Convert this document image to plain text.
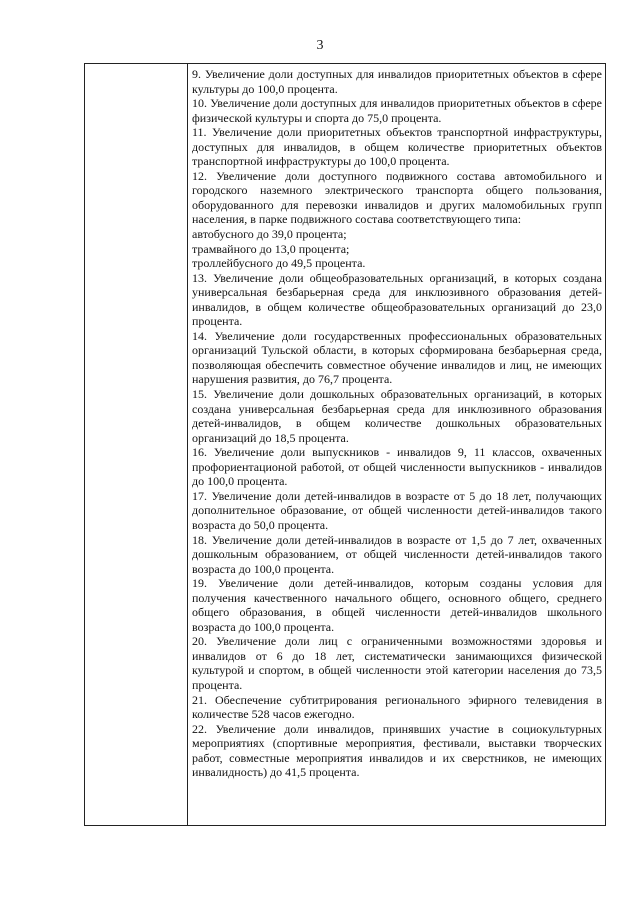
3

9. Увеличение доли доступных для инвалидов приоритетных объектов в сфере культуры до 100,0 процента.

10. Увеличение доли доступных для инвалидов приоритетных объектов в сфере физической культуры и спорта до 75,0 процента.

11. Увеличение доли приоритетных объектов транспортной инфраструктуры, доступных для инвалидов, в общем количестве приоритетных объектов транспортной инфраструктуры до 100,0 процента.

12. Увеличение доли доступного подвижного состава автомобильного и городского наземного электрического транспорта общего пользования, оборудованного для перевозки инвалидов и других маломобильных групп населения, в парке подвижного состава соответствующего типа:

автобусного до 39,0 процента;

трамвайного до 13,0 процента;

троллейбусного до 49,5 процента.

13. Увеличение доли общеобразовательных организаций, в которых создана универсальная безбарьерная среда для инклюзивного образования детей-инвалидов, в общем количестве общеобразовательных организаций до 23,0 процента.

14. Увеличение доли государственных профессиональных образовательных организаций Тульской области, в которых сформирована безбарьерная среда, позволяющая обеспечить совместное обучение инвалидов и лиц, не имеющих нарушения развития, до 76,7 процента.

15. Увеличение доли дошкольных образовательных организаций, в которых создана универсальная безбарьерная среда для инклюзивного образования детей-инвалидов, в общем количестве дошкольных образовательных организаций до 18,5 процента.

16. Увеличение доли выпускников - инвалидов 9, 11 классов, охваченных профориентационой работой, от общей численности выпускников - инвалидов до 100,0 процента.

17. Увеличение доли детей-инвалидов в возрасте от 5 до 18 лет, получающих дополнительное образование, от общей численности детей-инвалидов такого возраста до 50,0 процента.

18. Увеличение доли детей-инвалидов в возрасте от 1,5 до 7 лет, охваченных дошкольным образованием, от общей численности детей-инвалидов такого возраста до 100,0 процента.

19. Увеличение доли детей-инвалидов, которым созданы условия для получения качественного начального общего, основного общего, среднего общего образования, в общей численности детей-инвалидов школьного возраста до 100,0 процента.

20. Увеличение доли лиц с ограниченными возможностями здоровья и инвалидов от 6 до 18 лет, систематически занимающихся физической культурой и спортом, в общей численности этой категории населения до 73,5 процента.

21. Обеспечение субтитрирования регионального эфирного телевидения в количестве 528 часов ежегодно.

22. Увеличение доли инвалидов, принявших участие в социокультурных мероприятиях (спортивные мероприятия, фестивали, выставки творческих работ, совместные мероприятия инвалидов и их сверстников, не имеющих инвалидность) до 41,5 процента.
